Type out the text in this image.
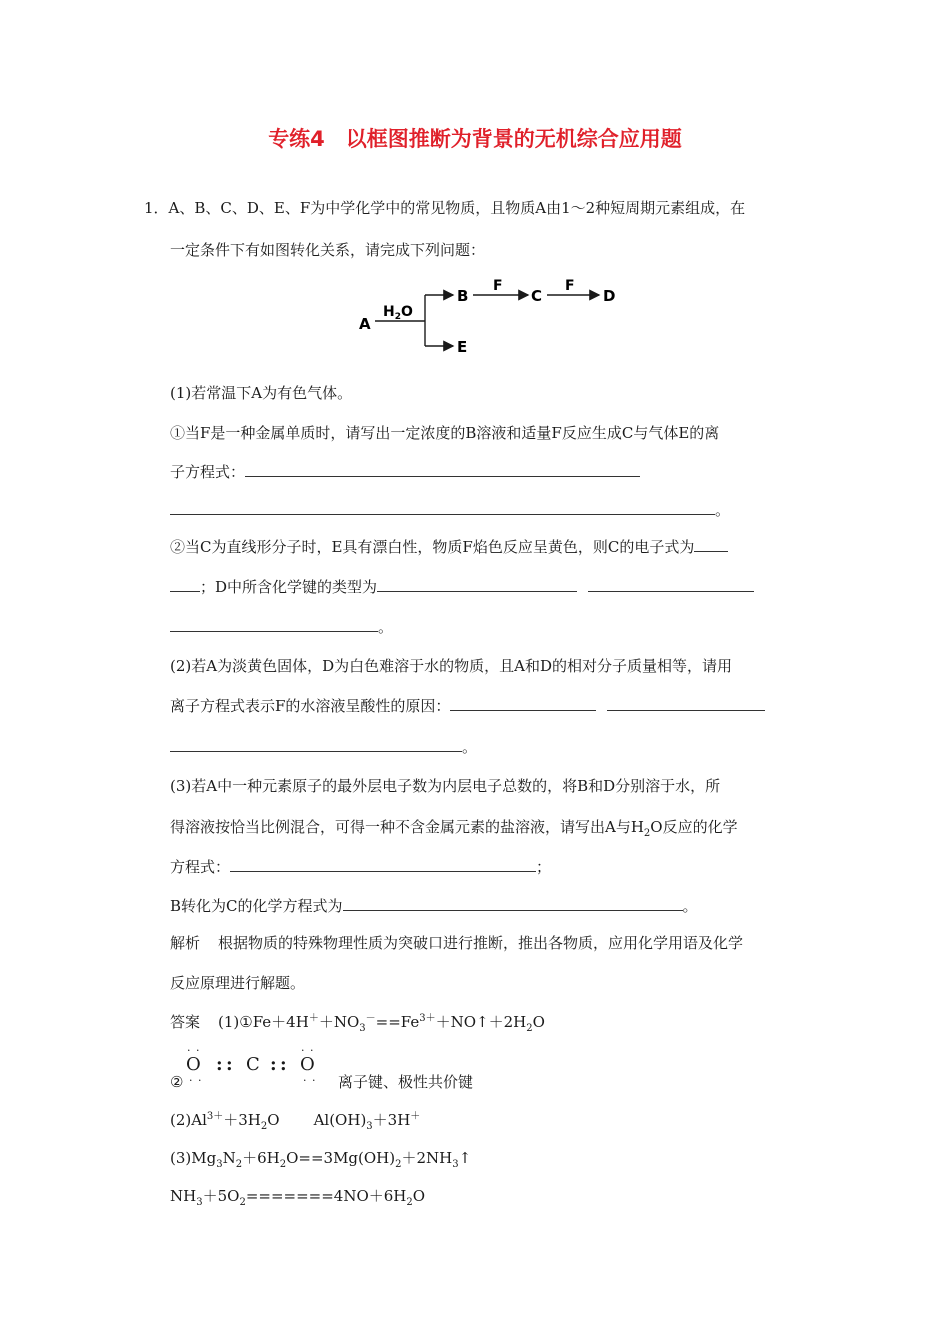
专练4　以框图推断为背景的无机综合应用题
1．A、B、C、D、E、F为中学化学中的常见物质，且物质A由1～2种短周期元素组成，在
一定条件下有如图转化关系，请完成下列问题：
A
$H_2O$
B
E
F
C
F
D
(1)若常温下A为有色气体。
①当F是一种金属单质时，请写出一定浓度的B溶液和适量F反应生成C与气体E的离
子方程式：
。
②当C为直线形分子时，E具有漂白性，物质F焰色反应呈黄色，则C的电子式为
；D中所含化学键的类型为
。
(2)若A为淡黄色固体，D为白色难溶于水的物质，且A和D的相对分子质量相等，请用
离子方程式表示F的水溶液呈酸性的原因：
。
(3)若A中一种元素原子的最外层电子数为内层电子总数的，将B和D分别溶于水，所
得溶液按恰当比例混合，可得一种不含金属元素的盐溶液，请写出A与$H_2O$反应的化学
方程式：	；
B转化为C的化学方程式为	。
解析 根据物质的特殊物理性质为突破口进行推断，推出各物质，应用化学用语及化学
反应原理进行解题。
答案 $(1)①Fe+4H^++NO_3^-==Fe^{3+}+NO↑+2H_2O$
②
· ·
O
· ·
: : C : :
· ·
O
· · 离子键、极性共价键
$(2)Al^{3+}+3H_2O$ $Al(OH)_3+3H^+$
$(3)Mg_3N_2+6H_2O==3Mg(OH)_2+2NH_3↑$
$NH_3+5O_2=======4NO+6H_2O$
